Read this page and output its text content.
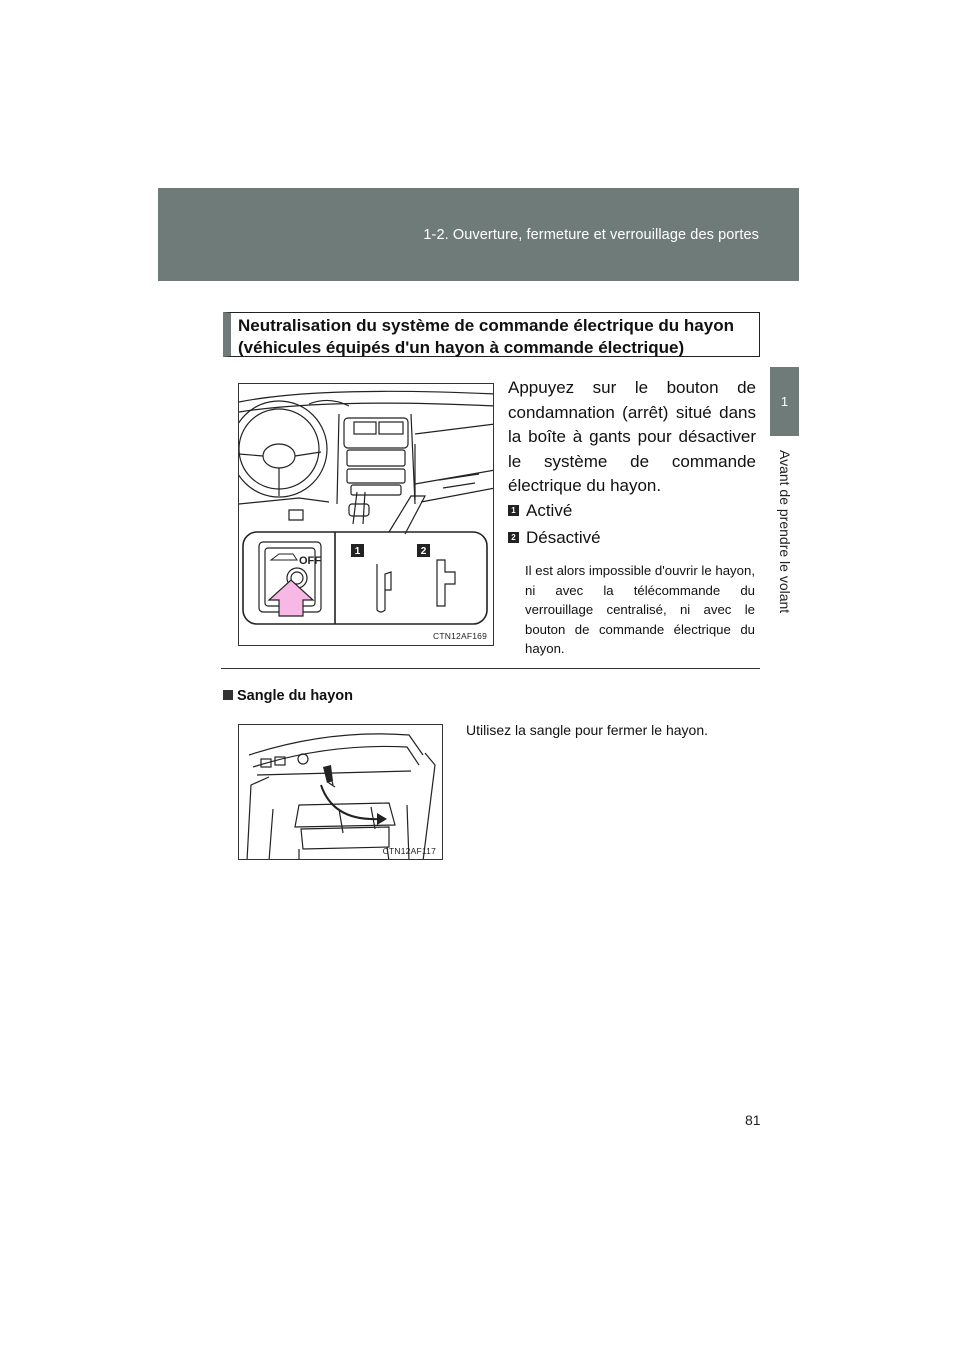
1-2. Ouverture, fermeture et verrouillage des portes
1
Avant de prendre le volant
Neutralisation du système de commande électrique du hayon
(véhicules équipés d'un hayon à commande électrique)
OFF
1	2
CTN12AF169
Appuyez sur le bouton de condamnation (arrêt) situé dans la boîte à gants pour désactiver le système de commande électrique du hayon.
1 Activé
2 Désactivé
Il est alors impossible d'ouvrir le hayon, ni avec la télécommande du verrouillage centralisé, ni avec le bouton de commande électrique du hayon.
Sangle du hayon
Utilisez la sangle pour fermer le hayon.
CTN12AF117
81
